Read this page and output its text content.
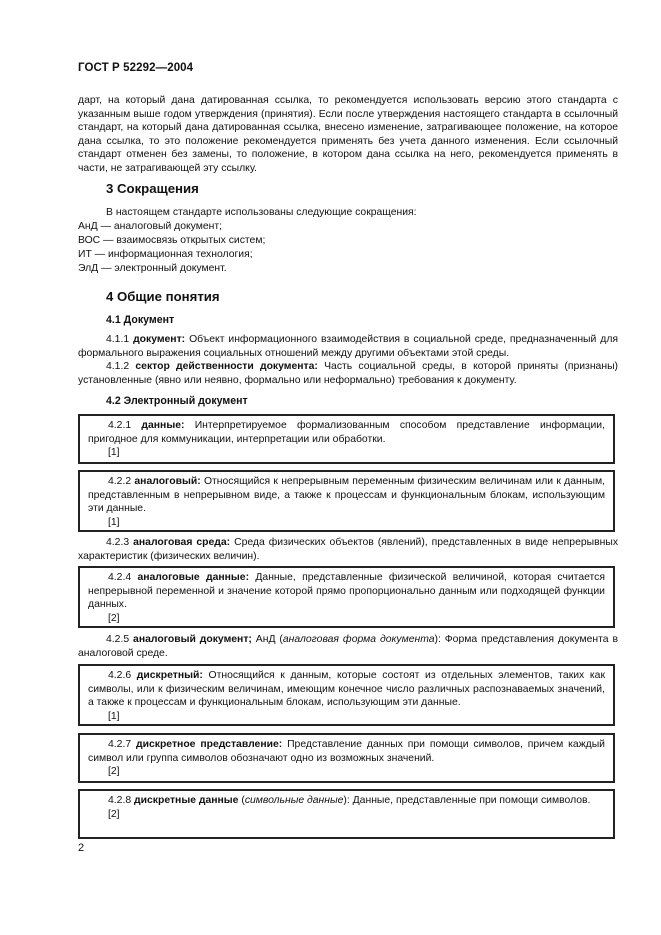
ГОСТ Р 52292—2004
дарт, на который дана датированная ссылка, то рекомендуется использовать версию этого стандарта с указанным выше годом утверждения (принятия). Если после утверждения настоящего стандарта в ссылочный стандарт, на который дана датированная ссылка, внесено изменение, затрагивающее положение, на которое дана ссылка, то это положение рекомендуется применять без учета данного изменения. Если ссылочный стандарт отменен без замены, то положение, в котором дана ссылка на него, рекомендуется применять в части, не затрагивающей эту ссылку.
3 Сокращения
В настоящем стандарте использованы следующие сокращения:
АнД — аналоговый документ;
ВОС — взаимосвязь открытых систем;
ИТ — информационная технология;
ЭлД — электронный документ.
4 Общие понятия
4.1 Документ
4.1.1 документ: Объект информационного взаимодействия в социальной среде, предназначенный для формального выражения социальных отношений между другими объектами этой среды.
4.1.2 сектор действенности документа: Часть социальной среды, в которой приняты (признаны) установленные (явно или неявно, формально или неформально) требования к документу.
4.2 Электронный документ
4.2.1 данные: Интерпретируемое формализованным способом представление информации, пригодное для коммуникации, интерпретации или обработки.
[1]
4.2.2 аналоговый: Относящийся к непрерывным переменным физическим величинам или к данным, представленным в непрерывном виде, а также к процессам и функциональным блокам, использующим эти данные.
[1]
4.2.3 аналоговая среда: Среда физических объектов (явлений), представленных в виде непрерывных характеристик (физических величин).
4.2.4 аналоговые данные: Данные, представленные физической величиной, которая считается непрерывной переменной и значение которой прямо пропорционально данным или подходящей функции данных.
[2]
4.2.5 аналоговый документ; АнД (аналоговая форма документа): Форма представления документа в аналоговой среде.
4.2.6 дискретный: Относящийся к данным, которые состоят из отдельных элементов, таких как символы, или к физическим величинам, имеющим конечное число различных распознаваемых значений, а также к процессам и функциональным блокам, использующим эти данные.
[1]
4.2.7 дискретное представление: Представление данных при помощи символов, причем каждый символ или группа символов обозначают одно из возможных значений.
[2]
4.2.8 дискретные данные (символьные данные): Данные, представленные при помощи символов.
[2]
2
